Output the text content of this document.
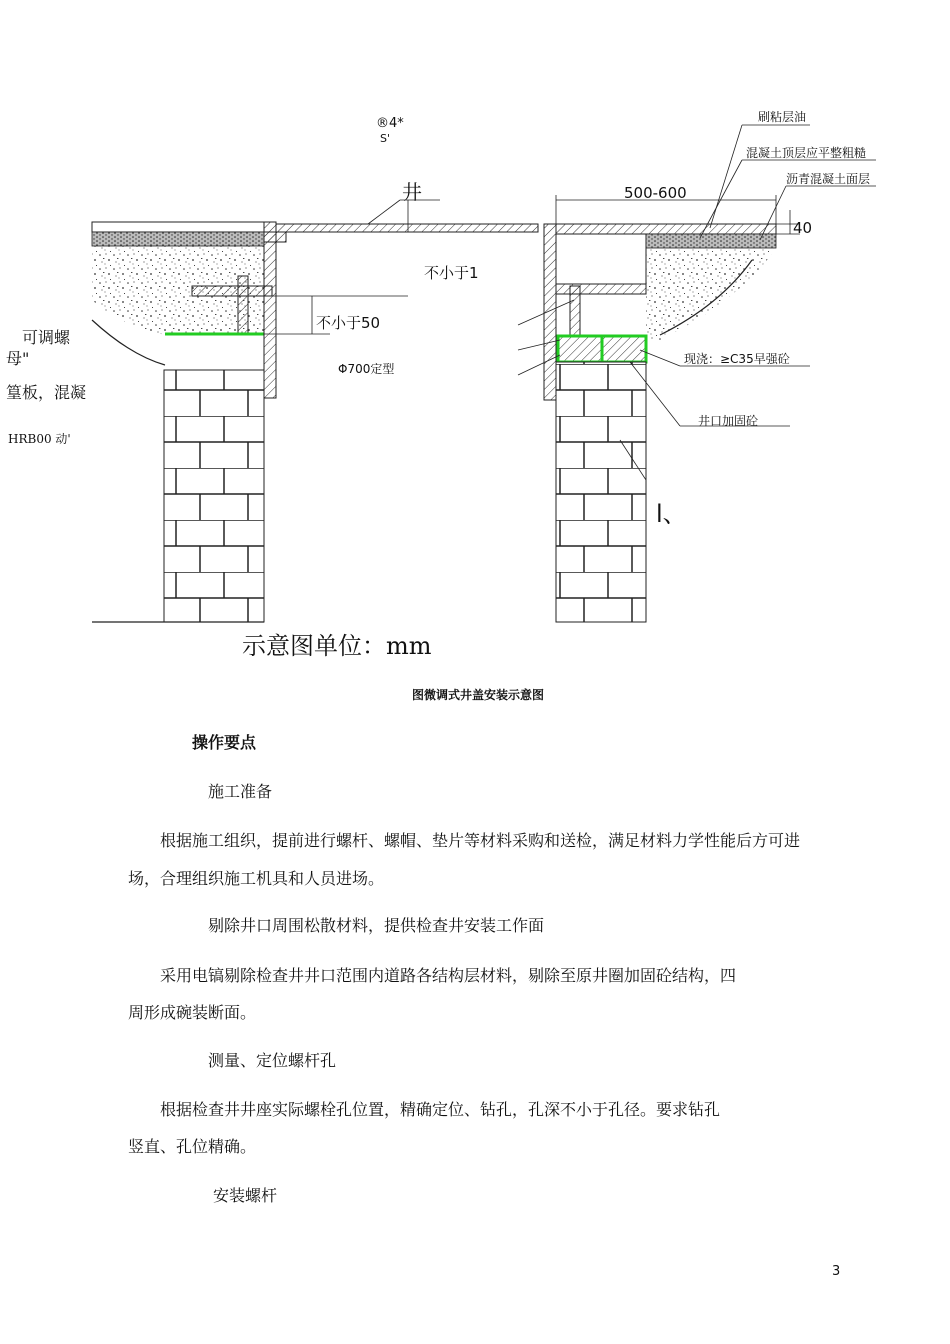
®4*
S'
井	500-600
40
不小于1
不小于50
Φ700定型
刷粘层油
混凝土顶层应平整粗糙
沥青混凝土面层
现浇：≥C35早强砼
井口加固砼
可调螺
母"
篁板，混凝
HRB00 动'
l、
示意图单位：mm
图微调式井盖安装示意图
操作要点
施工准备
根据施工组织，提前进行螺杆、螺帽、垫片等材料采购和送检，满足材料力学性能后方可进
场，合理组织施工机具和人员进场。
剔除井口周围松散材料，提供检查井安装工作面
采用电镐剔除检查井井口范围内道路各结构层材料，剔除至原井圈加固砼结构，四
周形成碗装断面。
测量、定位螺杆孔
根据检查井井座实际螺栓孔位置，精确定位、钻孔，孔深不小于孔径。要求钻孔
竖直、孔位精确。
安装螺杆
3
